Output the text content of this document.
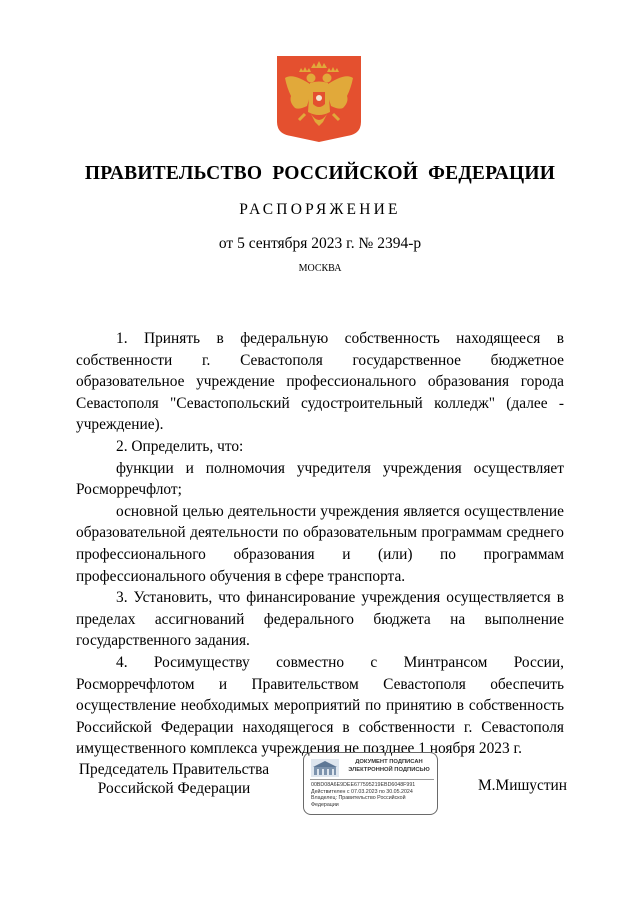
ПРАВИТЕЛЬСТВО РОССИЙСКОЙ ФЕДЕРАЦИИ
РАСПОРЯЖЕНИЕ
от 5 сентября 2023 г. № 2394-р
МОСКВА

1. Принять в федеральную собственность находящееся в собственности г. Севастополя государственное бюджетное образовательное учреждение профессионального образования города Севастополя "Севастопольский судостроительный колледж" (далее - учреждение).

2. Определить, что:

функции и полномочия учредителя учреждения осуществляет Росморречфлот;

основной целью деятельности учреждения является осуществление образовательной деятельности по образовательным программам среднего профессионального образования и (или) по программам профессионального обучения в сфере транспорта.

3. Установить, что финансирование учреждения осуществляется в пределах ассигнований федерального бюджета на выполнение государственного задания.

4. Росимуществу совместно с Минтрансом России, Росморречфлотом и Правительством Севастополя обеспечить осуществление необходимых мероприятий по принятию в собственность Российской Федерации находящегося в собственности г. Севастополя имущественного комплекса учреждения не позднее 1 ноября 2023 г.

Председатель Правительства
Российской Федерации
ДОКУМЕНТ ПОДПИСАН
ЭЛЕКТРОННОЙ ПОДПИСЬЮ
00BD08A6E9DEE677595219EBD6048F991
Действителен с 07.03.2023 по 30.05.2024
Владелец: Правительство Российской
Федерации
М.Мишустин
